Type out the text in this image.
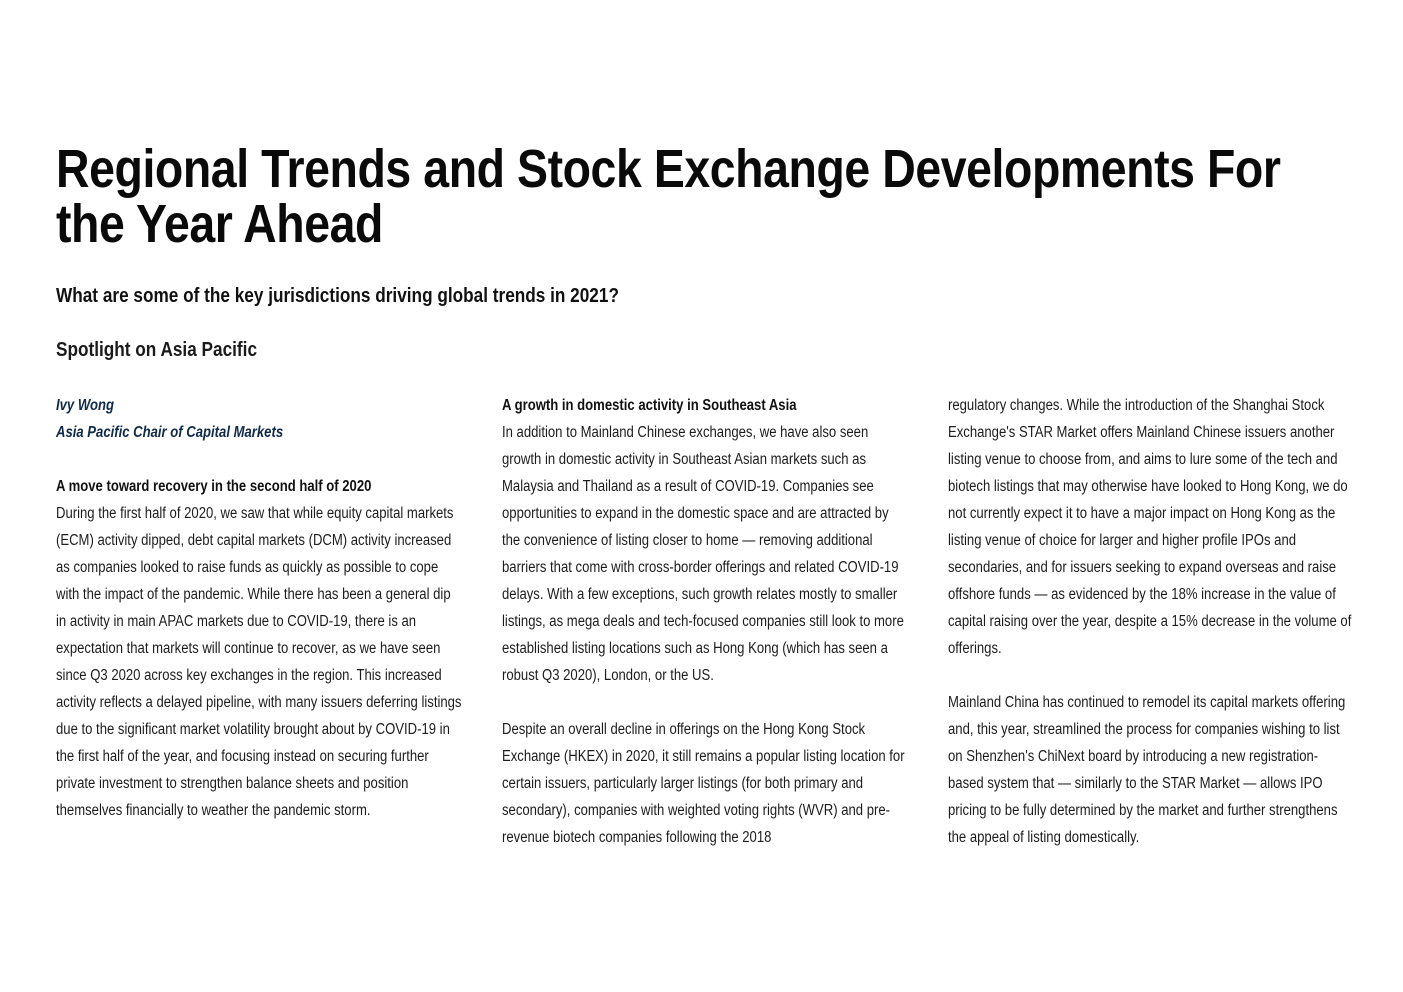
Regional Trends and Stock Exchange Developments For the Year Ahead
What are some of the key jurisdictions driving global trends in 2021?
Spotlight on Asia Pacific
Ivy Wong
Asia Pacific Chair of Capital Markets
A move toward recovery in the second half of 2020

During the first half of 2020, we saw that while equity capital markets (ECM) activity dipped, debt capital markets (DCM) activity increased as companies looked to raise funds as quickly as possible to cope with the impact of the pandemic. While there has been a general dip in activity in main APAC markets due to COVID-19, there is an expectation that markets will continue to recover, as we have seen since Q3 2020 across key exchanges in the region. This increased activity reflects a delayed pipeline, with many issuers deferring listings due to the significant market volatility brought about by COVID-19 in the first half of the year, and focusing instead on securing further private investment to strengthen balance sheets and position themselves financially to weather the pandemic storm.

A growth in domestic activity in Southeast Asia

In addition to Mainland Chinese exchanges, we have also seen growth in domestic activity in Southeast Asian markets such as Malaysia and Thailand as a result of COVID-19. Companies see opportunities to expand in the domestic space and are attracted by the convenience of listing closer to home — removing additional barriers that come with cross-border offerings and related COVID-19 delays. With a few exceptions, such growth relates mostly to smaller listings, as mega deals and tech-focused companies still look to more established listing locations such as Hong Kong (which has seen a robust Q3 2020), London, or the US.

Despite an overall decline in offerings on the Hong Kong Stock Exchange (HKEX) in 2020, it still remains a popular listing location for certain issuers, particularly larger listings (for both primary and secondary), companies with weighted voting rights (WVR) and pre-revenue biotech companies following the 2018

regulatory changes. While the introduction of the Shanghai Stock Exchange's STAR Market offers Mainland Chinese issuers another listing venue to choose from, and aims to lure some of the tech and biotech listings that may otherwise have looked to Hong Kong, we do not currently expect it to have a major impact on Hong Kong as the listing venue of choice for larger and higher profile IPOs and secondaries, and for issuers seeking to expand overseas and raise offshore funds — as evidenced by the 18% increase in the value of capital raising over the year, despite a 15% decrease in the volume of offerings.

Mainland China has continued to remodel its capital markets offering and, this year, streamlined the process for companies wishing to list on Shenzhen's ChiNext board by introducing a new registration-based system that — similarly to the STAR Market — allows IPO pricing to be fully determined by the market and further strengthens the appeal of listing domestically.
